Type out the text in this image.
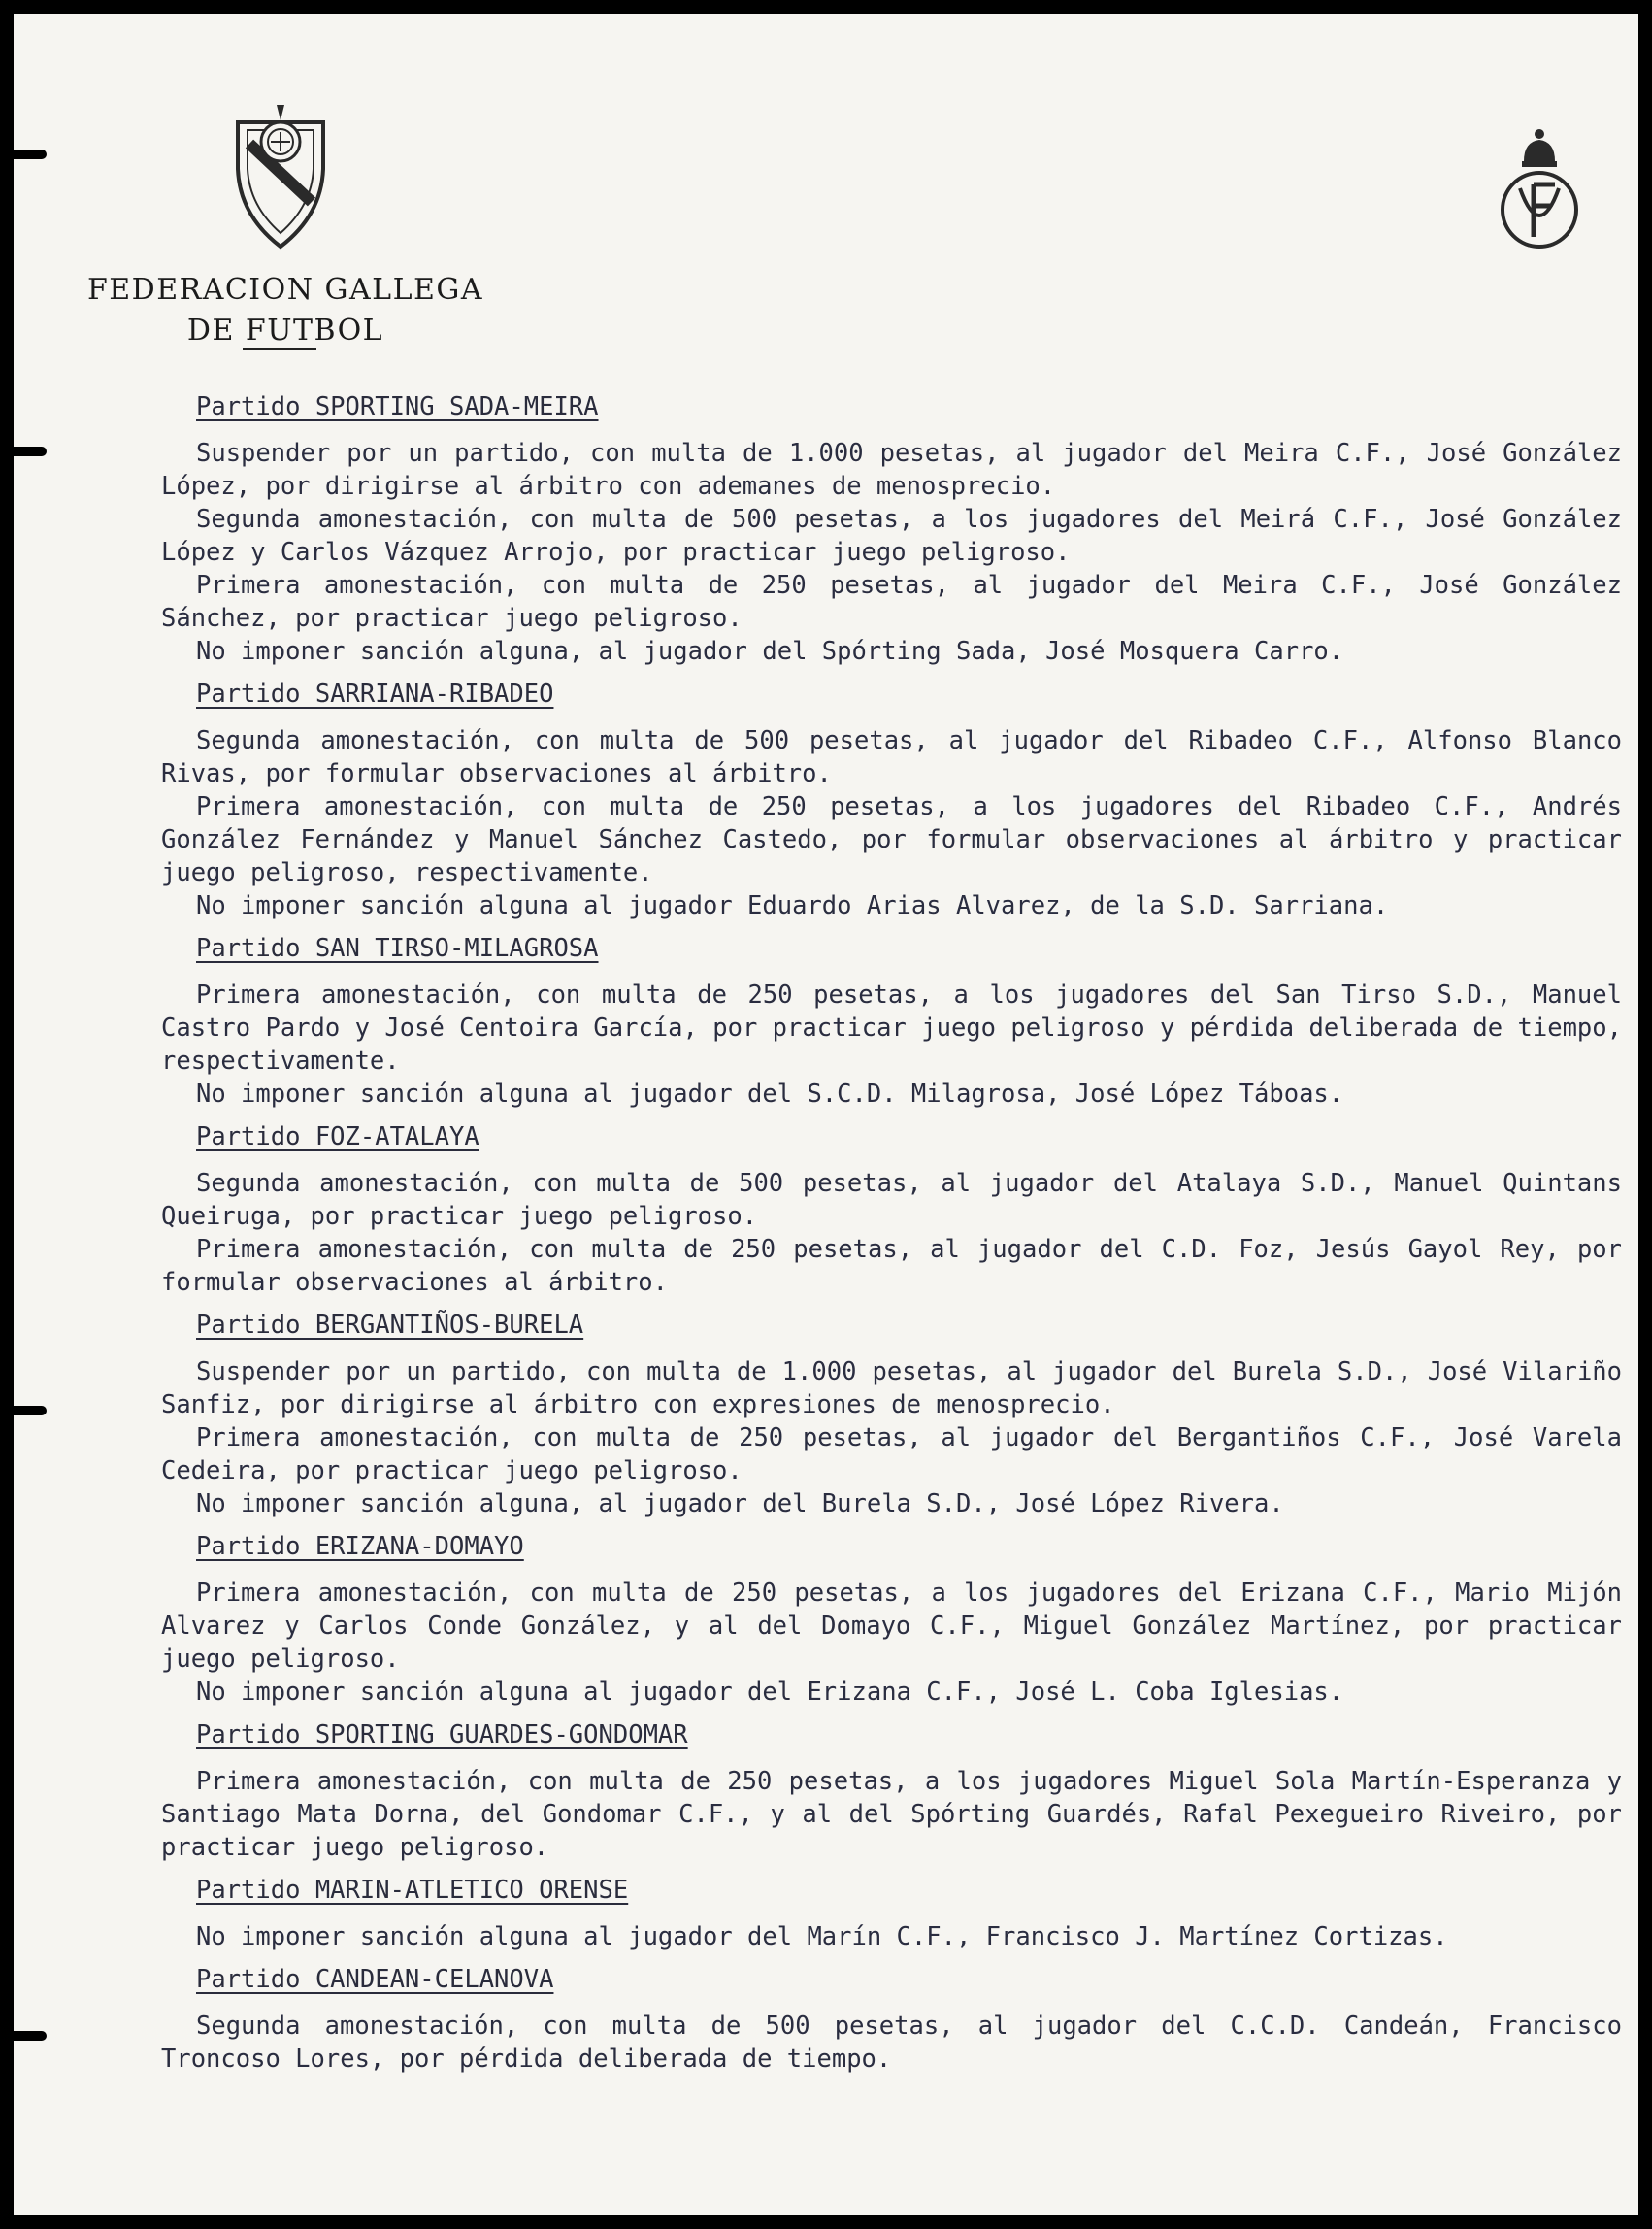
FEDERACION GALLEGA
DE FUTBOL
Partido SPORTING SADA-MEIRA

Suspender por un partido, con multa de 1.000 pesetas, al jugador del Meira C.F., José González López, por dirigirse al árbitro con ademanes de menosprecio.

Segunda amonestación, con multa de 500 pesetas, a los jugadores del Meirá C.F., José González López y Carlos Vázquez Arrojo, por practicar juego peligroso.

Primera amonestación, con multa de 250 pesetas, al jugador del Meira C.F., José González Sánchez, por practicar juego peligroso.

No imponer sanción alguna, al jugador del Spórting Sada, José Mosquera Carro.

Partido SARRIANA-RIBADEO

Segunda amonestación, con multa de 500 pesetas, al jugador del Ribadeo C.F., Alfonso Blanco Rivas, por formular observaciones al árbitro.

Primera amonestación, con multa de 250 pesetas, a los jugadores del Ribadeo C.F., Andrés González Fernández y Manuel Sánchez Castedo, por formular observaciones al árbitro y practicar juego peligroso, respectivamente.

No imponer sanción alguna al jugador Eduardo Arias Alvarez, de la S.D. Sarriana.

Partido SAN TIRSO-MILAGROSA

Primera amonestación, con multa de 250 pesetas, a los jugadores del San Tirso S.D., Manuel Castro Pardo y José Centoira García, por practicar juego peligroso y pérdida deliberada de tiempo, respectivamente.

No imponer sanción alguna al jugador del S.C.D. Milagrosa, José López Táboas.

Partido FOZ-ATALAYA

Segunda amonestación, con multa de 500 pesetas, al jugador del Atalaya S.D., Manuel Quintans Queiruga, por practicar juego peligroso.

Primera amonestación, con multa de 250 pesetas, al jugador del C.D. Foz, Jesús Gayol Rey, por formular observaciones al árbitro.

Partido BERGANTIÑOS-BURELA

Suspender por un partido, con multa de 1.000 pesetas, al jugador del Burela S.D., José Vilariño Sanfiz, por dirigirse al árbitro con expresiones de menosprecio.

Primera amonestación, con multa de 250 pesetas, al jugador del Bergantiños C.F., José Varela Cedeira, por practicar juego peligroso.

No imponer sanción alguna, al jugador del Burela S.D., José López Rivera.

Partido ERIZANA-DOMAYO

Primera amonestación, con multa de 250 pesetas, a los jugadores del Erizana C.F., Mario Mijón Alvarez y Carlos Conde González, y al del Domayo C.F., Miguel González Martínez, por practicar juego peligroso.

No imponer sanción alguna al jugador del Erizana C.F., José L. Coba Iglesias.

Partido SPORTING GUARDES-GONDOMAR

Primera amonestación, con multa de 250 pesetas, a los jugadores Miguel Sola Martín-Esperanza y Santiago Mata Dorna, del Gondomar C.F., y al del Spórting Guardés, Rafal Pexegueiro Riveiro, por practicar juego peligroso.

Partido MARIN-ATLETICO ORENSE

No imponer sanción alguna al jugador del Marín C.F., Francisco J. Martínez Cortizas.

Partido CANDEAN-CELANOVA

Segunda amonestación, con multa de 500 pesetas, al jugador del C.C.D. Candeán, Francisco Troncoso Lores, por pérdida deliberada de tiempo.
